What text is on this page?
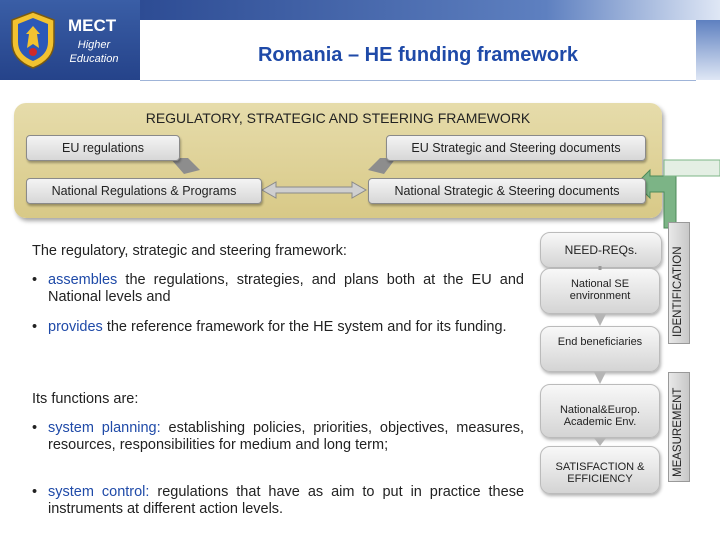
MECT
Higher Education	Romania – HE funding framework
REGULATORY, STRATEGIC AND STEERING FRAMEWORK
EU regulations	EU Strategic and Steering documents
National Regulations & Programs	National Strategic & Steering documents
The regulatory, strategic and steering framework:
• assembles the regulations, strategies, and plans both at the EU and National levels and
• provides the reference framework for the HE system and for its funding.
Its functions are:
• system planning: establishing policies, priorities, objectives, measures, resources, responsibilities for medium and long term;
• system control: regulations that have as aim to put in practice these instruments at different action levels.
NEED-REQs.
National SE environment
End beneficiaries
National&Europ. Academic Env.
SATISFACTION & EFFICIENCY
IDENTIFICATION
MEASUREMENT
